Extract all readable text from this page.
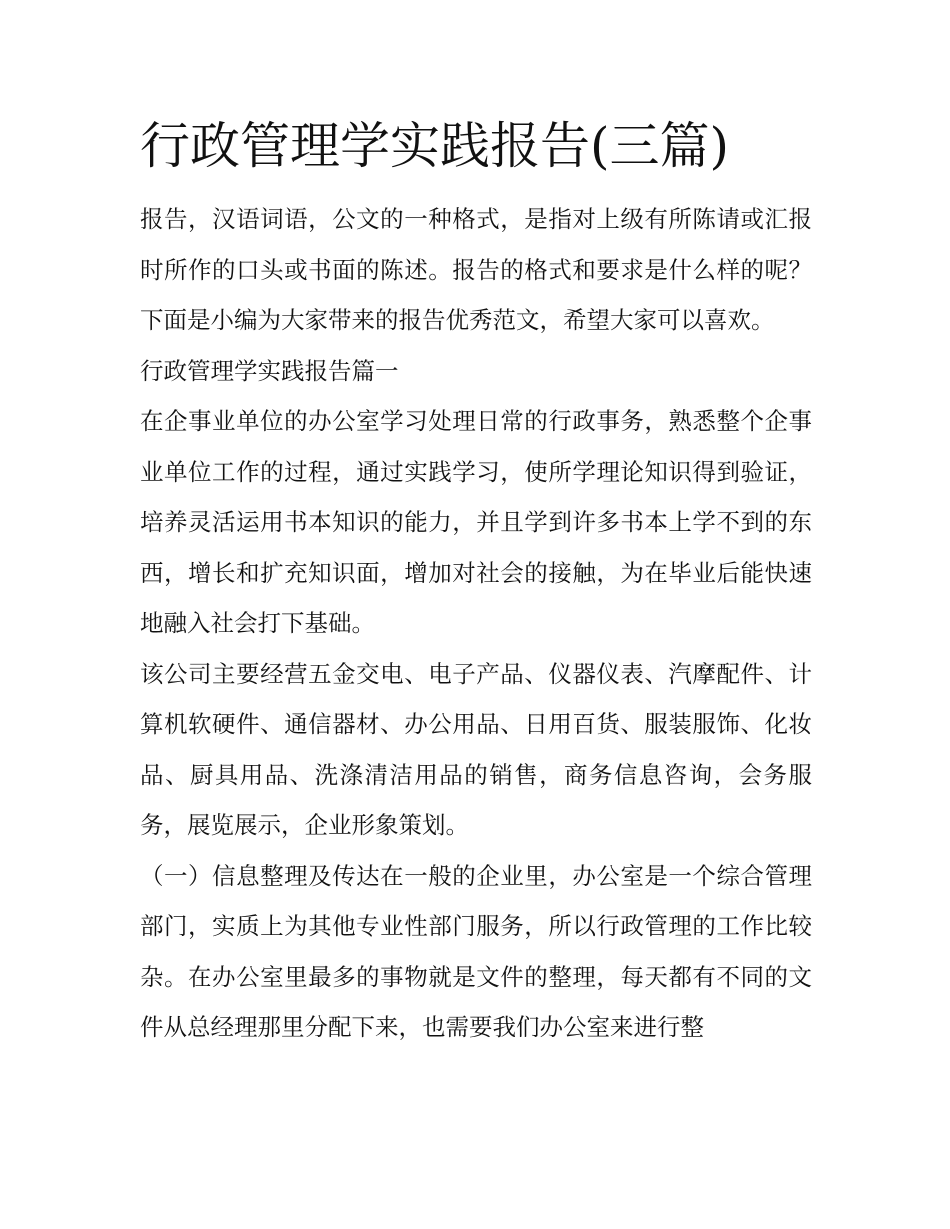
行政管理学实践报告(三篇)

报告，汉语词语，公文的一种格式，是指对上级有所陈请或汇报时所作的口头或书面的陈述。报告的格式和要求是什么样的呢？下面是小编为大家带来的报告优秀范文，希望大家可以喜欢。

行政管理学实践报告篇一

在企事业单位的办公室学习处理日常的行政事务，熟悉整个企事业单位工作的过程，通过实践学习，使所学理论知识得到验证，培养灵活运用书本知识的能力，并且学到许多书本上学不到的东西，增长和扩充知识面，增加对社会的接触，为在毕业后能快速地融入社会打下基础。

该公司主要经营五金交电、电子产品、仪器仪表、汽摩配件、计算机软硬件、通信器材、办公用品、日用百货、服装服饰、化妆品、厨具用品、洗涤清洁用品的销售，商务信息咨询，会务服务，展览展示，企业形象策划。

（一）信息整理及传达在一般的企业里，办公室是一个综合管理部门，实质上为其他专业性部门服务，所以行政管理的工作比较杂。在办公室里最多的事物就是文件的整理，每天都有不同的文件从总经理那里分配下来，也需要我们办公室来进行整
